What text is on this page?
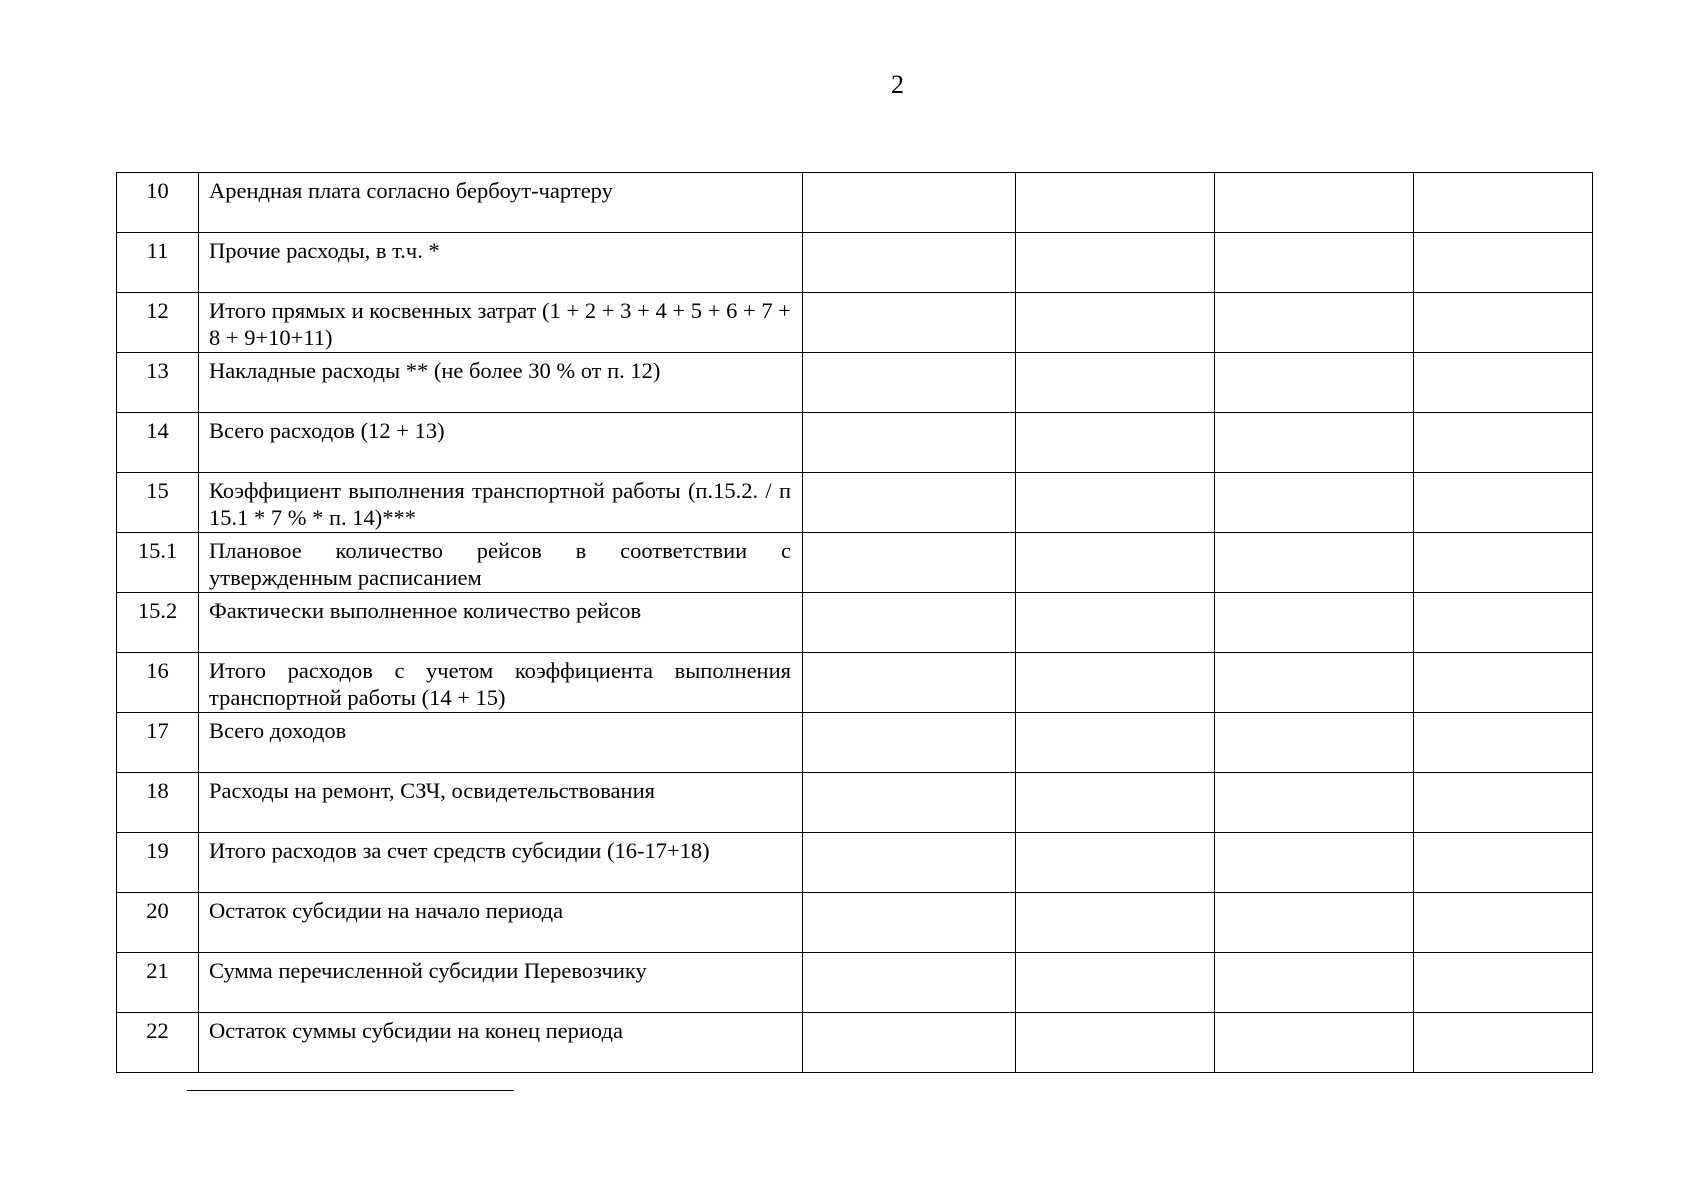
2
10	Арендная плата согласно бербоут-чартеру				
11	Прочие расходы, в т.ч. *				
12	Итого прямых и косвенных затрат (1 + 2 + 3 + 4 + 5 + 6 + 7 + 8 + 9+10+11)				
13	Накладные расходы ** (не более 30 % от п. 12)				
14	Всего расходов (12 + 13)				
15	Коэффициент выполнения транспортной работы (п.15.2. / п 15.1 * 7 % * п. 14)***				
15.1	Плановое количество рейсов в соответствии с утвержденным расписанием				
15.2	Фактически выполненное количество рейсов				
16	Итого расходов с учетом коэффициента выполнения транспортной работы (14 + 15)				
17	Всего доходов				
18	Расходы на ремонт, СЗЧ, освидетельствования				
19	Итого расходов за счет средств субсидии (16-17+18)				
20	Остаток субсидии на начало периода				
21	Сумма перечисленной субсидии Перевозчику				
22	Остаток суммы субсидии на конец периода				
